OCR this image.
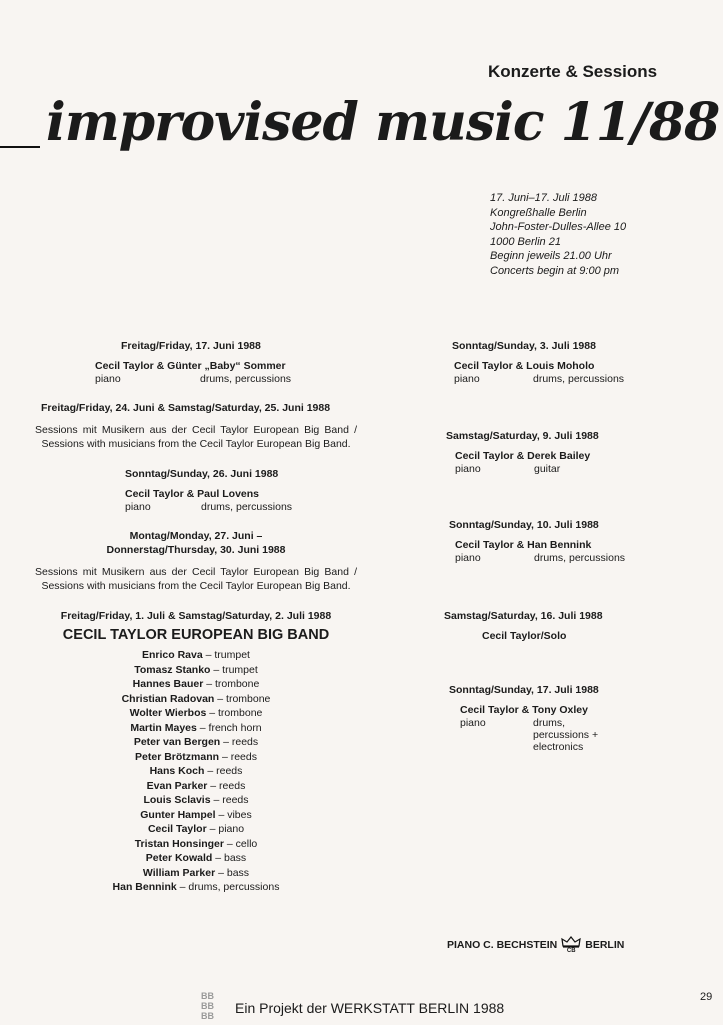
Konzerte & Sessions
improvised music 11/88
17. Juni–17. Juli 1988
Kongreßhalle Berlin
John-Foster-Dulles-Allee 10
1000 Berlin 21
Beginn jeweils 21.00 Uhr
Concerts begin at 9:00 pm
Freitag/Friday, 17. Juni 1988
Cecil Taylor & Günter „Baby“ Sommer
piano	drums, percussions
Freitag/Friday, 24. Juni & Samstag/Saturday, 25. Juni 1988
Sessions mit Musikern aus der Cecil Taylor European Big Band / Sessions with musicians from the Cecil Taylor European Big Band.
Sonntag/Sunday, 26. Juni 1988
Cecil Taylor & Paul Lovens
piano	drums, percussions
Montag/Monday, 27. Juni –
Donnerstag/Thursday, 30. Juni 1988
Sessions mit Musikern aus der Cecil Taylor European Big Band / Sessions with musicians from the Cecil Taylor European Big Band.
Freitag/Friday, 1. Juli & Samstag/Saturday, 2. Juli 1988
CECIL TAYLOR EUROPEAN BIG BAND
Enrico Rava – trumpet
Tomasz Stanko – trumpet
Hannes Bauer – trombone
Christian Radovan – trombone
Wolter Wierbos – trombone
Martin Mayes – french horn
Peter van Bergen – reeds
Peter Brötzmann – reeds
Hans Koch – reeds
Evan Parker – reeds
Louis Sclavis – reeds
Gunter Hampel – vibes
Cecil Taylor – piano
Tristan Honsinger – cello
Peter Kowald – bass
William Parker – bass
Han Bennink – drums, percussions
Sonntag/Sunday, 3. Juli 1988
Cecil Taylor & Louis Moholo
piano	drums, percussions
Samstag/Saturday, 9. Juli 1988
Cecil Taylor & Derek Bailey
piano	guitar
Sonntag/Sunday, 10. Juli 1988
Cecil Taylor & Han Bennink
piano	drums, percussions
Samstag/Saturday, 16. Juli 1988
Cecil Taylor/Solo
Sonntag/Sunday, 17. Juli 1988
Cecil Taylor & Tony Oxley
piano	drums, percussions +
electronics
PIANO C. BECHSTEIN CB BERLIN
BB BB BB	Ein Projekt der WERKSTATT BERLIN 1988
29
